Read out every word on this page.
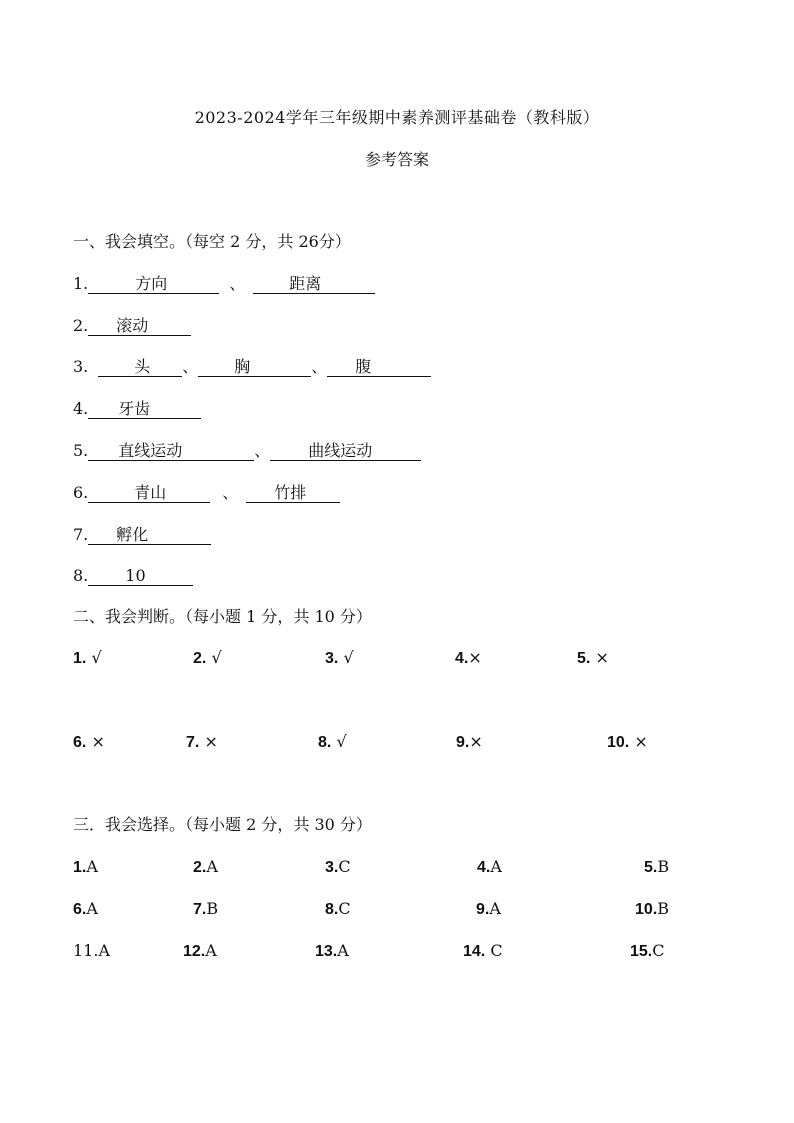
2023-2024学年三年级期中素养测评基础卷（教科版）
参考答案
一、我会填空。（每空 2 分，共 26分）
1.	方向	、	距离
2. 滚动
3.	头 、 胸	、 腹
4. 牙齿
5. 直线运动	、 曲线运动
6.	青山	、 竹排
7. 孵化
8. 10
二、我会判断。（每小题 1 分，共 10 分）
1. √	2. √	3. √	4.×	5. ×
6. ×	7. ×	8. √	9.×	10. ×
三．我会选择。（每小题 2 分，共 30 分）
1.A	2.A	3.C	4.A	5.B
6.A	7.B	8.C	9.A	10.B
11.A	12.A	13.A	14. C	15.C
